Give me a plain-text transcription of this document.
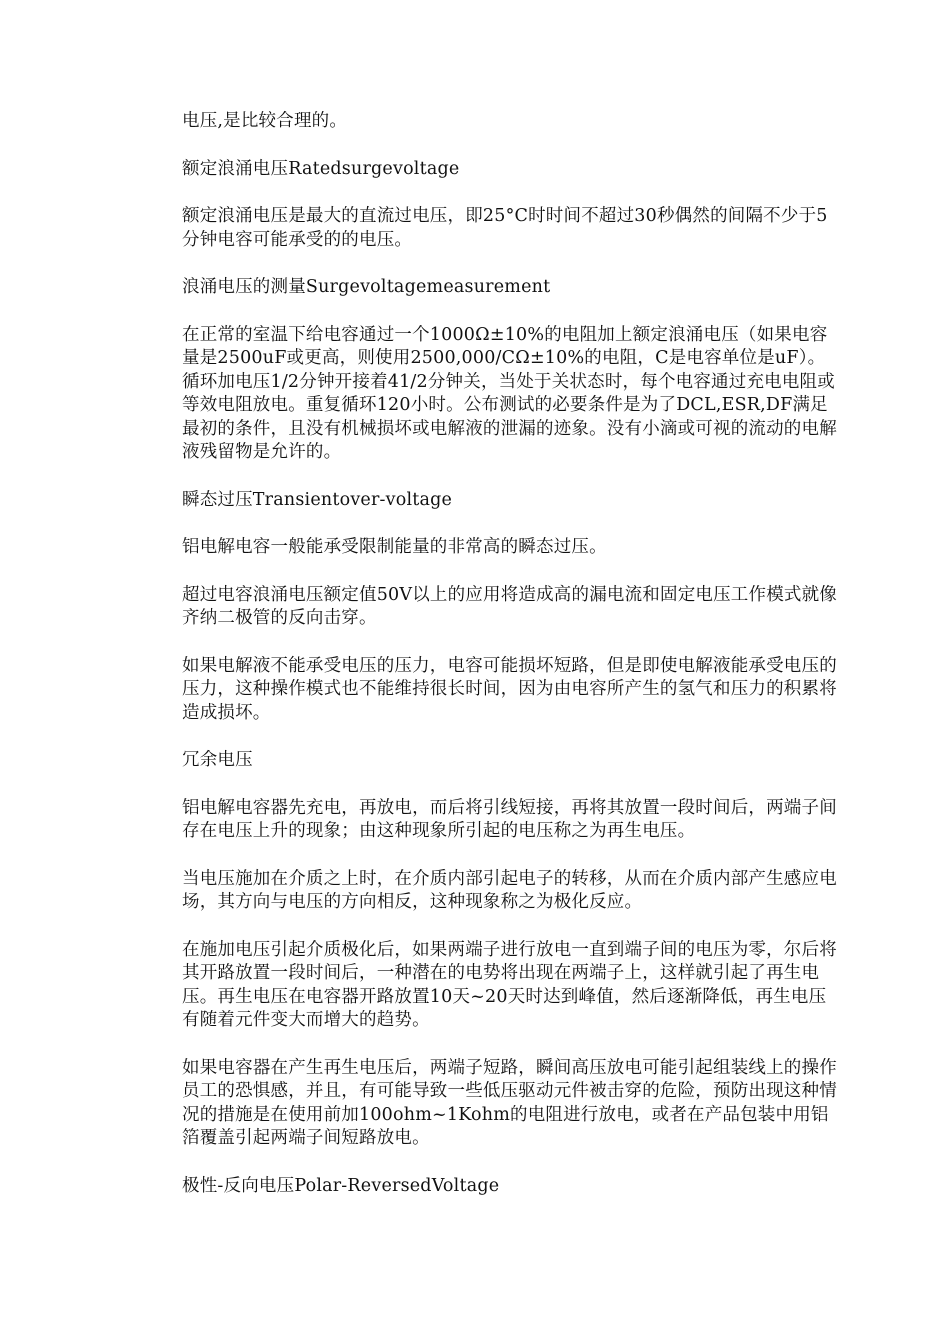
电压,是比较合理的。

额定浪涌电压Ratedsurgevoltage

额定浪涌电压是最大的直流过电压，即25°C时时间不超过30秒偶然的间隔不少于5分钟电容可能承受的的电压。

浪涌电压的测量Surgevoltagemeasurement

在正常的室温下给电容通过一个1000Ω±10%的电阻加上额定浪涌电压（如果电容量是2500uF或更高，则使用2500,000/CΩ±10%的电阻，C是电容单位是uF）。循环加电压1/2分钟开接着41/2分钟关，当处于关状态时，每个电容通过充电电阻或等效电阻放电。重复循环120小时。公布测试的必要条件是为了DCL,ESR,DF满足最初的条件，且没有机械损坏或电解液的泄漏的迹象。没有小滴或可视的流动的电解液残留物是允许的。

瞬态过压Transientover-voltage

铝电解电容一般能承受限制能量的非常高的瞬态过压。

超过电容浪涌电压额定值50V以上的应用将造成高的漏电流和固定电压工作模式就像齐纳二极管的反向击穿。

如果电解液不能承受电压的压力，电容可能损坏短路，但是即使电解液能承受电压的压力，这种操作模式也不能维持很长时间，因为由电容所产生的氢气和压力的积累将造成损坏。

冗余电压

铝电解电容器先充电，再放电，而后将引线短接，再将其放置一段时间后，两端子间存在电压上升的现象；由这种现象所引起的电压称之为再生电压。

当电压施加在介质之上时，在介质内部引起电子的转移，从而在介质内部产生感应电场，其方向与电压的方向相反，这种现象称之为极化反应。

在施加电压引起介质极化后，如果两端子进行放电一直到端子间的电压为零，尔后将其开路放置一段时间后，一种潜在的电势将出现在两端子上，这样就引起了再生电压。再生电压在电容器开路放置10天~20天时达到峰值，然后逐渐降低，再生电压有随着元件变大而增大的趋势。

如果电容器在产生再生电压后，两端子短路，瞬间高压放电可能引起组装线上的操作员工的恐惧感，并且，有可能导致一些低压驱动元件被击穿的危险，预防出现这种情况的措施是在使用前加100ohm~1Kohm的电阻进行放电，或者在产品包装中用铝箔覆盖引起两端子间短路放电。

极性-反向电压Polar-ReversedVoltage
